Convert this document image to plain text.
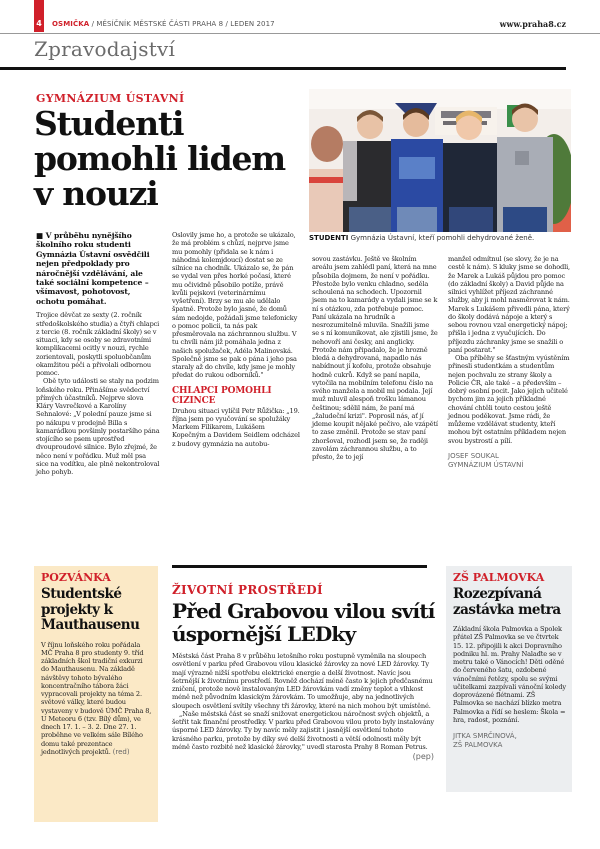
4	OSMIČKA / MĚSÍČNÍK MĚSTSKÉ ČÁSTI PRAHA 8 / LEDEN 2017	www.praha8.cz
Zpravodajství
GYMNÁZIUM ÚSTAVNÍ
Studenti pomohli lidem v nouzi
STUDENTI Gymnázia Ústavní, kteří pomohli dehydrované ženě.

■ V průběhu nynějšího školního roku studenti Gymnázia Ústavní osvědčili nejen předpoklady pro náročnější vzdělávání, ale také sociální kompetence – všímavost, pohotovost, ochotu pomáhat.

Trojice děvčat ze sexty (2. ročník středoškolského studia) a čtyři chlapci z tercie (8. ročník základní školy) se v situaci, kdy se osoby se zdravotními komplikacemi ocitly v nouzi, rychle zorientovali, poskytli spoluobčanům okamžitou péči a přivolali odbornou pomoc.

Obě tyto události se staly na podzim loňského roku. Přinášíme svědectví přímých účastníků. Nejprve slova Kláry Vavrečkové a Karolíny Sehnalové: „V polední pauze jsme si po nákupu v prodejně Billa s kamarádkou povšimly postaršího pána stojícího se psem uprostřed dvouproudové silnice. Bylo zřejmé, že něco není v pořádku. Muž měl psa sice na vodítku, ale plně nekontroloval jeho pohyb.

Oslovily jsme ho, a protože se ukázalo, že má problém s chůzí, nejprve jsme mu pomohly (přidala se k nám i náhodná kolemjdoucí) dostat se ze silnice na chodník. Ukázalo se, že pán se vydal ven přes horké počasí, které mu očividně působilo potíže, právě kvůli pejskovi (veterinárnímu vyšetření). Brzy se mu ale udělalo špatně. Protože bylo jasné, že domů sám nedojde, požádali jsme telefonicky o pomoc policii, ta nás pak přesměrovala na záchrannou službu. V tu chvíli nám již pomáhala jedna z našich spolužaček, Adéla Malinovská. Společně jsme se pak o pána i jeho psa staraly až do chvíle, kdy jsme je mohly předat do rukou odborníků."

CHLAPCI POMOHLI CIZINCE

Druhou situaci vylíčil Petr Růžička: „19. října jsem po vyučování se spolužáky Markem Filikarem, Lukášem Kopečným a Davidem Seidlem odcházel z budovy gymnázia na autobu-

sovou zastávku. Ještě ve školním areálu jsem zahlédl paní, která na mne působila dojmem, že není v pořádku. Přestože bylo venku chladno, seděla schoulená na schodech. Upozornil jsem na to kamarády a vydali jsme se k ní s otázkou, zda potřebuje pomoc. Paní ukázala na hrudník a nesrozumitelně mluvila. Snažili jsme se s ní komunikovat, ale zjistili jsme, že nehovoří ani česky, ani anglicky. Protože nám připadalo, že je hrozně bledá a dehydrovaná, napadlo nás nabídnout jí kofolu, protože obsahuje hodně cukrů. Když se paní napila, vytočila na mobilním telefonu číslo na svého manžela a mobil mi podala. Její muž mluvil alespoň trošku lámanou češtinou; sdělil nám, že paní má „žaludeční krizi". Poprosil nás, ať jí jdeme koupit nějaké pečivo, ale vzápětí to zase změnil. Protože se stav paní zhoršoval, rozhodl jsem se, že raději zavolám záchrannou službu, a to přesto, že to její

manžel odmítnul (se slovy, že je na cestě k nám). S kluky jsme se dohodli, že Marek a Lukáš půjdou pro pomoc (do základní školy) a David půjde na silnici vyhlížet příjezd záchranné služby, aby ji mohl nasměrovat k nám. Marek s Lukášem přivedli pána, který do školy dodává nápoje a který s sebou rovnou vzal energetický nápoj; přišla i jedna z vyučujících. Do příjezdu záchranky jsme se snažili o paní postarat."

Oba příběhy se šťastným vyústěním přinesli studentkám a studentům nejen pochvalu ze strany školy a Policie ČR, ale také – a především – dobrý osobní pocit. Jako jejich učitelé bychom jim za jejich příkladné chování chtěli touto cestou ještě jednou poděkovat. Jsme rádi, že můžeme vzdělávat studenty, kteří mohou být ostatním příkladem nejen svou bystrostí a pílí.

JOSEF SOUKAL
GYMNÁZIUM ÚSTAVNÍ
POZVÁNKA
Studentské projekty k Mauthausenu
V říjnu loňského roku pořádala MČ Praha 8 pro studenty 9. tříd základních škol tradiční exkurzi do Mauthausenu. Na základě návštěvy tohoto bývalého koncentračního tábora žáci vypracovali projekty na téma 2. světové války, které budou vystaveny v budově ÚMČ Praha 8, U Meteoru 6 (tzv. Bílý dům), ve dnech 17. 1. – 3. 2. Dne 27. 1. proběhne ve velkém sále Bílého domu také prezentace jednotlivých projektů. (red)
ŽIVOTNÍ PROSTŘEDÍ
Před Grabovou vilou svítí úspornější LEDky

Městská část Praha 8 v průběhu letošního roku postupně vyměnila na sloupech osvětlení v parku před Grabovou vilou klasické žárovky za nové LED žárovky. Ty mají výrazně nižší spotřebu elektrické energie a delší životnost. Navíc jsou šetrnější k životnímu prostředí. Rovněž dochází méně často k jejich předčasnému zničení, protože nově instalovaným LED žárovkám vadí změny teplot a vlhkost méně než původním klasickým žárovkám. To umožňuje, aby na jednotlivých sloupech osvětlení svítily všechny tři žárovky, které na nich mohou být umístěné.

„Naše městská část se snaží snižovat energetickou náročnost svých objektů, a šetřit tak finanční prostředky. V parku před Grabovou vilou proto byly instalovány úsporné LED žárovky. Ty by navíc měly zajistit i jasnější osvětlení tohoto krásného parku, protože by díky své delší životnosti a větší odolnosti měly být méně často rozbité než klasické žárovky," uvedl starosta Prahy 8 Roman Petrus.

(pep)
ZŠ PALMOVKA
Rozezpívaná zastávka metra
Základní škola Palmovka a Spolek přátel ZŠ Palmovka se ve čtvrtek 15. 12. připojili k akci Dopravního podniku hl. m. Prahy Nalaďte se v metru také o Vánocích! Děti oděné do červeného šatu, ozdobené vánočními řetězy, spolu se svými učitelkami zazpívali vánoční koledy doprovázené flétnami. ZŠ Palmovka se nachází blízko metra Palmovka a řídí se heslem: Škola = hra, radost, poznání.
JITKA SMRČINOVÁ,
ZŠ PALMOVKA
